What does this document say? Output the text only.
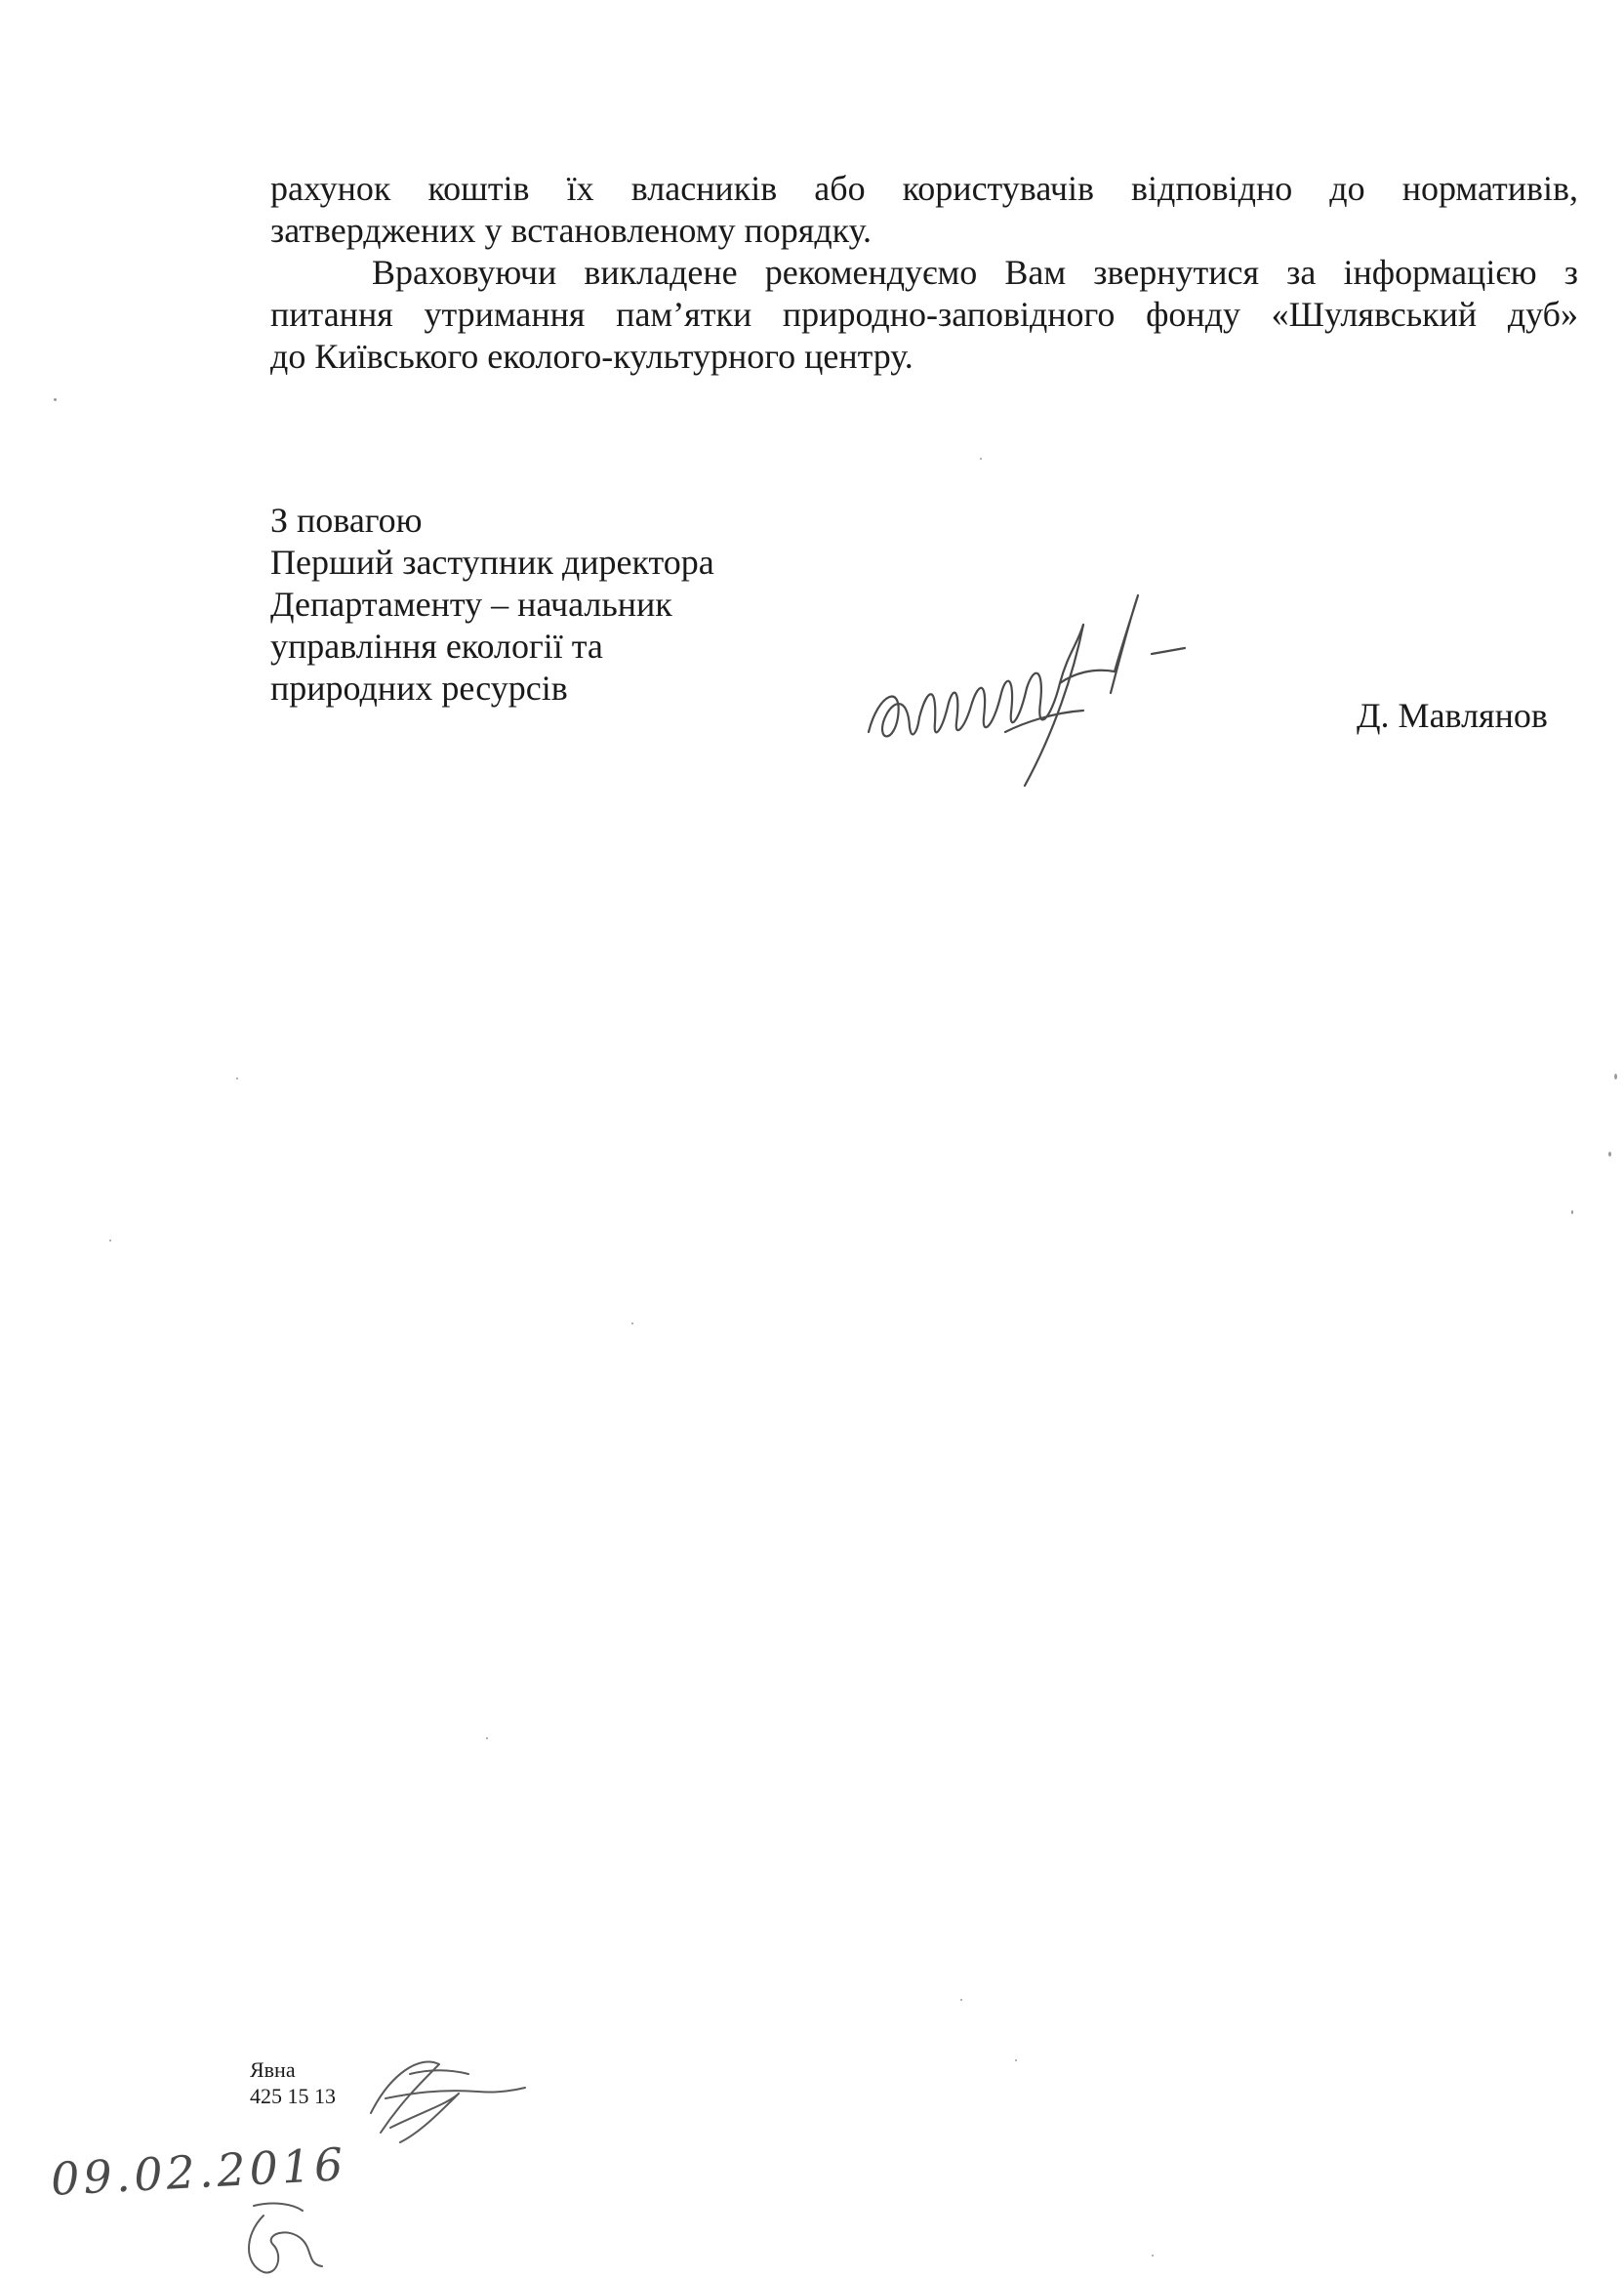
рахунок коштів їх власників або користувачів відповідно до нормативів,
затверджених у встановленому порядку.

Враховуючи викладене рекомендуємо Вам звернутися за інформацією з

питання утримання пам’ятки природно-заповідного фонду «Шулявський дуб»
до Київського еколого-культурного центру.

З повагою
Перший заступник директора
Департаменту – начальник
управління екології та
природних ресурсів
Д. Мавлянов
Явна
425 15 13
09.02.2016
